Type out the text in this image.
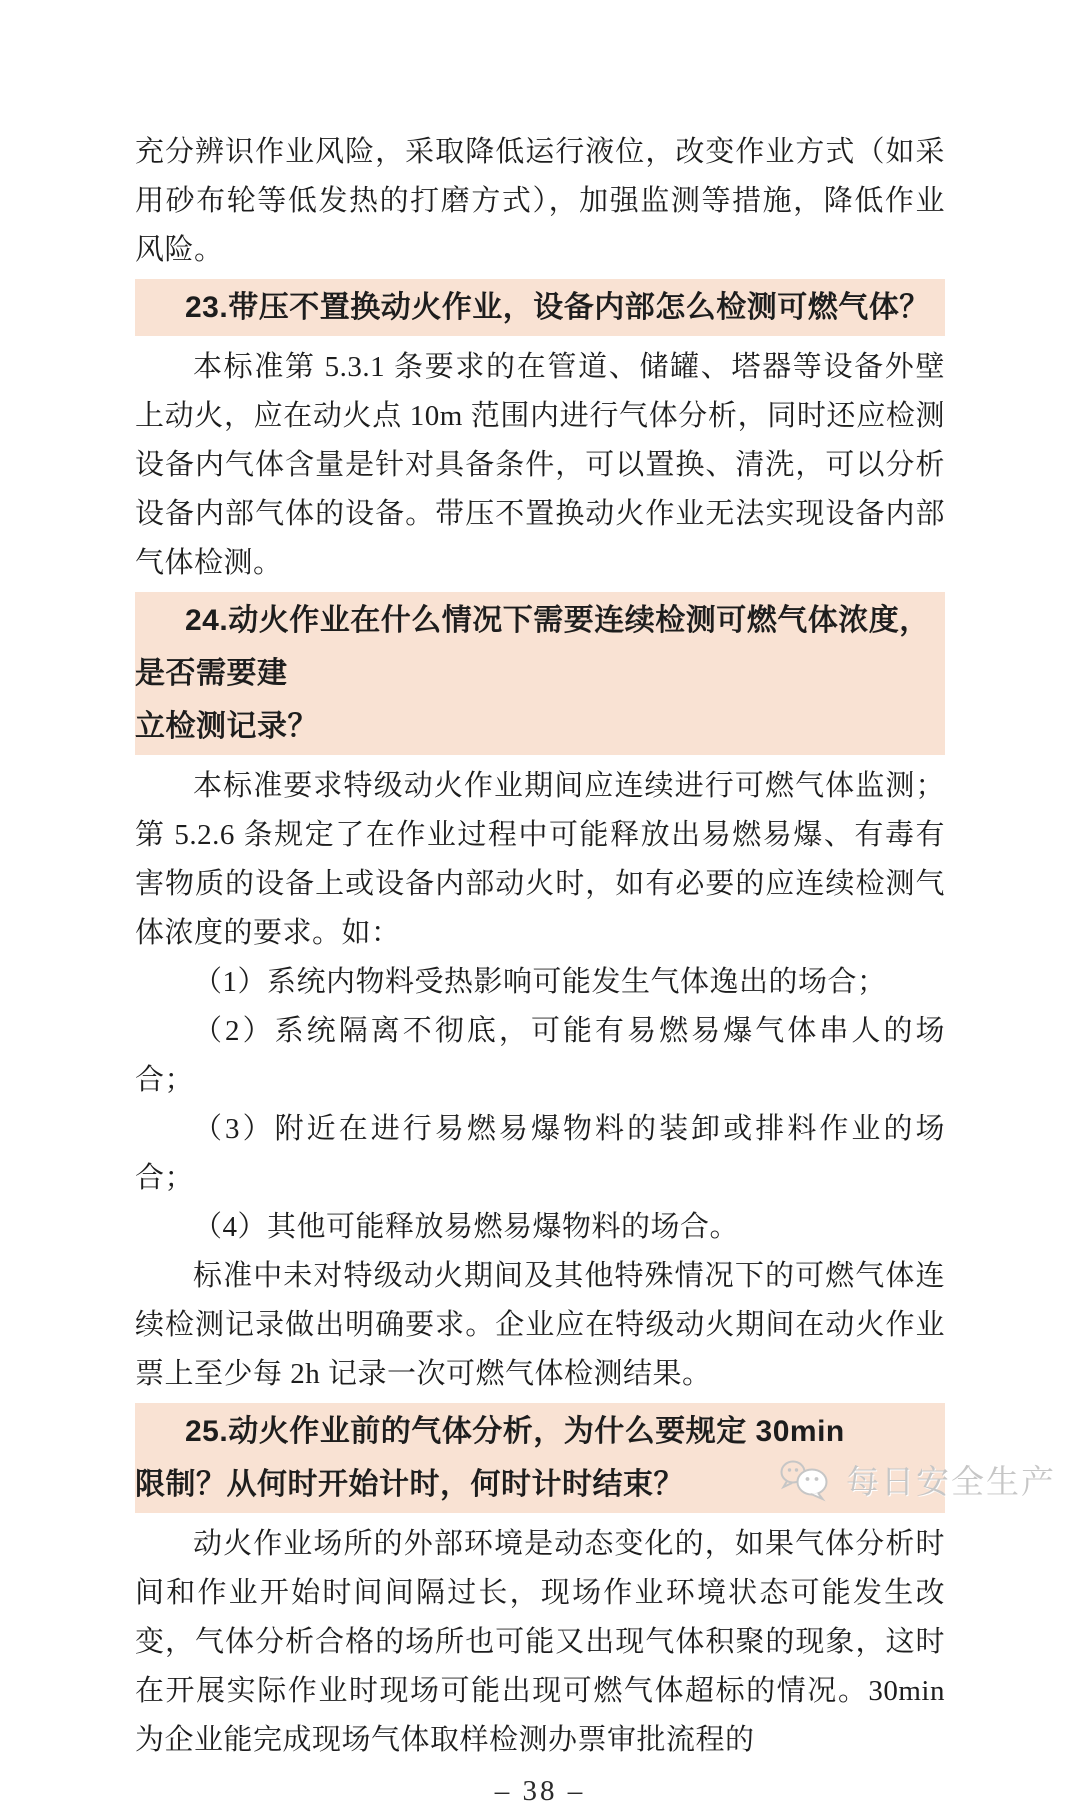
充分辨识作业风险，采取降低运行液位，改变作业方式（如采用砂布轮等低发热的打磨方式），加强监测等措施，降低作业风险。

23.带压不置换动火作业，设备内部怎么检测可燃气体？

本标准第 5.3.1 条要求的在管道、储罐、塔器等设备外壁上动火，应在动火点 10m 范围内进行气体分析，同时还应检测设备内气体含量是针对具备条件，可以置换、清洗，可以分析设备内部气体的设备。带压不置换动火作业无法实现设备内部气体检测。

24.动火作业在什么情况下需要连续检测可燃气体浓度，是否需要建
立检测记录？

本标准要求特级动火作业期间应连续进行可燃气体监测；第 5.2.6 条规定了在作业过程中可能释放出易燃易爆、有毒有害物质的设备上或设备内部动火时，如有必要的应连续检测气体浓度的要求。如：

（1）系统内物料受热影响可能发生气体逸出的场合；

（2）系统隔离不彻底，可能有易燃易爆气体串人的场合；

（3）附近在进行易燃易爆物料的装卸或排料作业的场合；

（4）其他可能释放易燃易爆物料的场合。

标准中未对特级动火期间及其他特殊情况下的可燃气体连续检测记录做出明确要求。企业应在特级动火期间在动火作业票上至少每 2h 记录一次可燃气体检测结果。

25.动火作业前的气体分析，为什么要规定 30min
限制？从何时开始计时，何时计时结束？

动火作业场所的外部环境是动态变化的，如果气体分析时间和作业开始时间间隔过长，现场作业环境状态可能发生改变，气体分析合格的场所也可能又出现气体积聚的现象，这时在开展实际作业时现场可能出现可燃气体超标的情况。30min 为企业能完成现场气体取样检测办票审批流程的

– 38 –
每日安全生产
